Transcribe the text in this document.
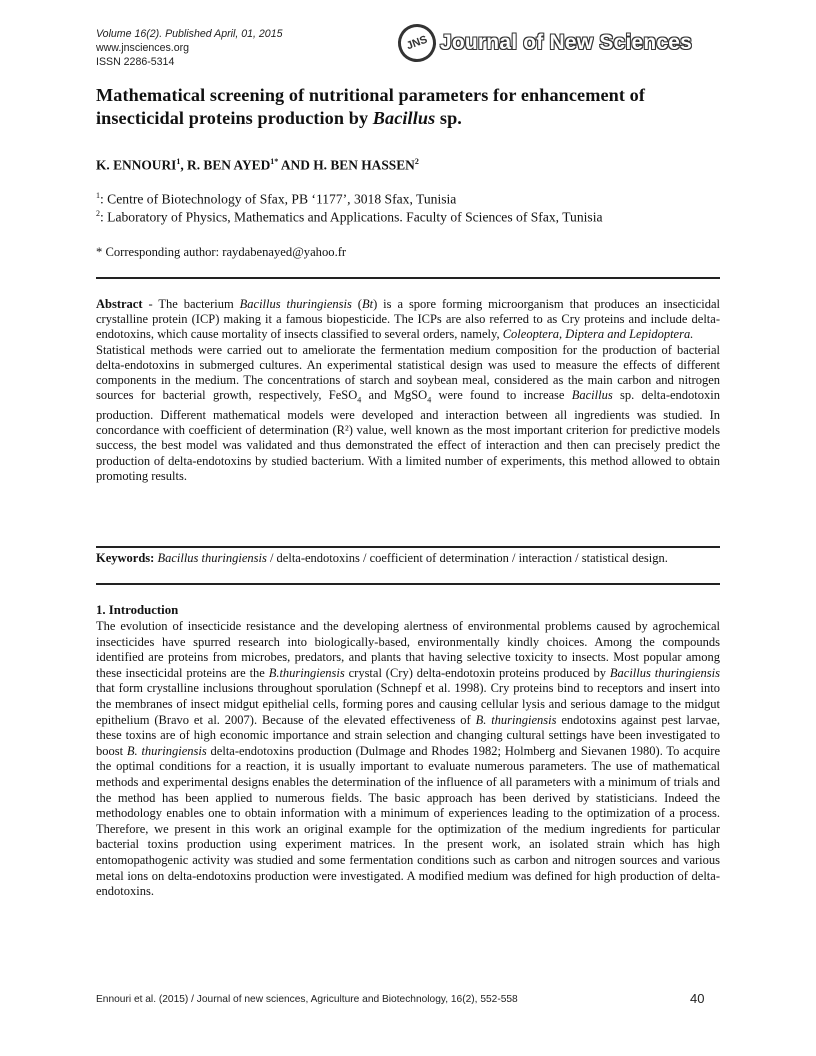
Volume 16(2). Published April, 01, 2015
www.jnsciences.org
ISSN 2286-5314
JNS Journal of New Sciences
Mathematical screening of nutritional parameters for enhancement of insecticidal proteins production by Bacillus sp.
K. ENNOURI$^1$, R. BEN $AYED^{1*}$ AND H. BEN HASSEN$^2$
$^1$: Centre of Biotechnology of Sfax, PB ‘1177’, 3018 Sfax, Tunisia
$^2$: Laboratory of Physics, Mathematics and Applications. Faculty of Sciences of Sfax, Tunisia
* Corresponding author: raydabenayed@yahoo.fr

Abstract - The bacterium Bacillus thuringiensis (Bt) is a spore forming microorganism that produces an insecticidal crystalline protein (ICP) making it a famous biopesticide. The ICPs are also referred to as Cry proteins and include delta-endotoxins, which cause mortality of insects classified to several orders, namely, Coleoptera, Diptera and Lepidoptera.

Statistical methods were carried out to ameliorate the fermentation medium composition for the production of bacterial delta-endotoxins in submerged cultures. An experimental statistical design was used to measure the effects of different components in the medium. The concentrations of starch and soybean meal, considered as the main carbon and nitrogen sources for bacterial growth, respectively, FeSO$_4$ and MgSO$_4$ were found to increase Bacillus sp. delta-endotoxin production. Different mathematical models were developed and interaction between all ingredients was studied. In concordance with coefficient of determination (R²) value, well known as the most important criterion for predictive models success, the best model was validated and thus demonstrated the effect of interaction and then can precisely predict the production of delta-endotoxins by studied bacterium. With a limited number of experiments, this method allowed to obtain promoting results.

Keywords: Bacillus thuringiensis / delta-endotoxins / coefficient of determination / interaction / statistical design.
1. Introduction

The evolution of insecticide resistance and the developing alertness of environmental problems caused by agrochemical insecticides have spurred research into biologically-based, environmentally kindly choices. Among the compounds identified are proteins from microbes, predators, and plants that having selective toxicity to insects. Most popular among these insecticidal proteins are the B.thuringiensis crystal (Cry) delta-endotoxin proteins produced by Bacillus thuringiensis that form crystalline inclusions throughout sporulation (Schnepf et al. 1998). Cry proteins bind to receptors and insert into the membranes of insect midgut epithelial cells, forming pores and causing cellular lysis and serious damage to the midgut epithelium (Bravo et al. 2007). Because of the elevated effectiveness of B. thuringiensis endotoxins against pest larvae, these toxins are of high economic importance and strain selection and changing cultural settings have been investigated to boost B. thuringiensis delta-endotoxins production (Dulmage and Rhodes 1982; Holmberg and Sievanen 1980). To acquire the optimal conditions for a reaction, it is usually important to evaluate numerous parameters. The use of mathematical methods and experimental designs enables the determination of the influence of all parameters with a minimum of trials and the method has been applied to numerous fields. The basic approach has been derived by statisticians. Indeed the methodology enables one to obtain information with a minimum of experiences leading to the optimization of a process. Therefore, we present in this work an original example for the optimization of the medium ingredients for particular bacterial toxins production using experiment matrices. In the present work, an isolated strain which has high entomopathogenic activity was studied and some fermentation conditions such as carbon and nitrogen sources and various metal ions on delta-endotoxins production were investigated. A modified medium was defined for high production of delta-endotoxins.

Ennouri et al. (2015) / Journal of new sciences, Agriculture and Biotechnology, 16(2), 552-558	40
